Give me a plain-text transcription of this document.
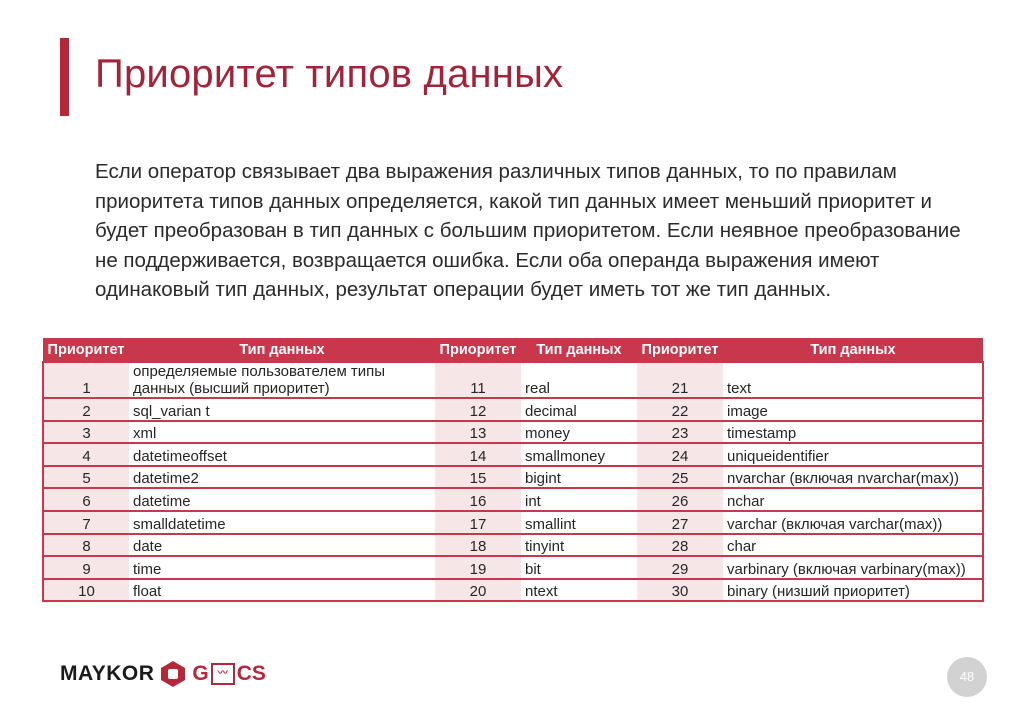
Приоритет типов данных
Если оператор связывает два выражения различных типов данных, то по правилам приоритета типов данных определяется, какой тип данных имеет меньший приоритет и будет преобразован в тип данных с большим приоритетом. Если неявное преобразование не поддерживается, возвращается ошибка. Если оба операнда выражения имеют одинаковый тип данных, результат операции будет иметь тот же тип данных.
Приоритет	Тип данных	Приоритет	Тип данных	Приоритет	Тип данных
1	определяемые пользователем типы данных (высший приоритет)	11	real	21	text
2	sql_varian t	12	decimal	22	image
3	xml	13	money	23	timestamp
4	datetimeoffset	14	smallmoney	24	uniqueidentifier
5	datetime2	15	bigint	25	nvarchar (включая nvarchar(max))
6	datetime	16	int	26	nchar
7	smalldatetime	17	smallint	27	varchar (включая varchar(max))
8	date	18	tinyint	28	char
9	time	19	bit	29	varbinary (включая varbinary(max))
10	float	20	ntext	30	binary (низший приоритет)
MAYKOR G 〰 CS	48
